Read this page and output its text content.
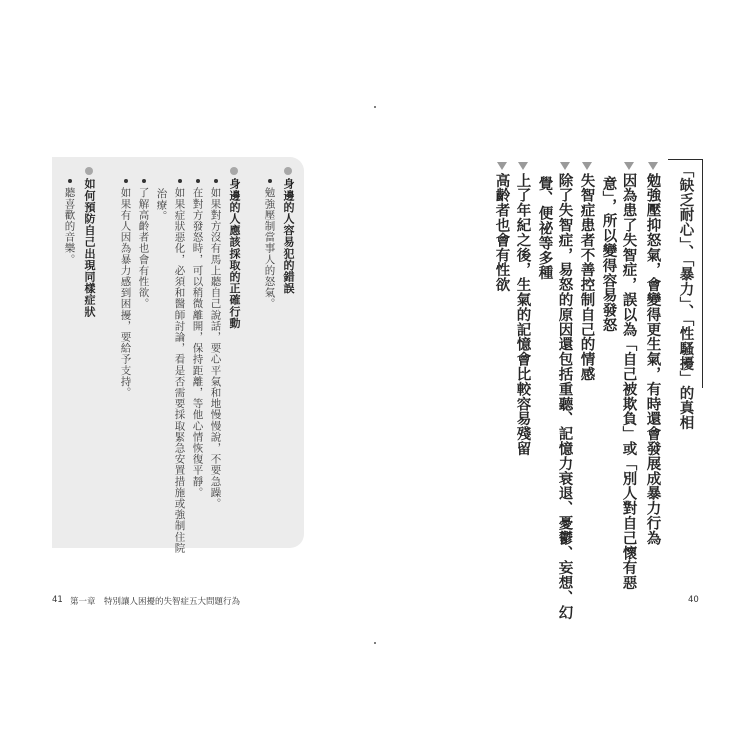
「缺乏耐心」、「暴力」、「性騷擾」的真相
勉強壓抑怒氣，會變得更生氣，有時還會發展成暴力行為
因為患了失智症，誤以為「自己被欺負」或「別人對自己懷有惡
意」，所以變得容易發怒
失智症患者不善控制自己的情感
除了失智症，易怒的原因還包括重聽、記憶力衰退、憂鬱、妄想、幻
覺、便祕等多種
上了年紀之後，生氣的記憶會比較容易殘留
高齡者也會有性欲
身邊的人容易犯的錯誤
勉強壓制當事人的怒氣。
身邊的人應該採取的正確行動
如果對方沒有馬上聽自己說話，要心平氣和地慢慢說，不要急躁。
在對方發怒時，可以稍微離開，保持距離，等他心情恢復平靜。
如果症狀惡化，必須和醫師討論，看是否需要採取緊急安置措施或強制住院
治療。
了解高齡者也會有性欲。
如果有人因為暴力感到困擾，要給予支持。
如何預防自己出現同樣症狀
聽喜歡的音樂。
41 第一章　特別讓人困擾的失智症五大問題行為	40
